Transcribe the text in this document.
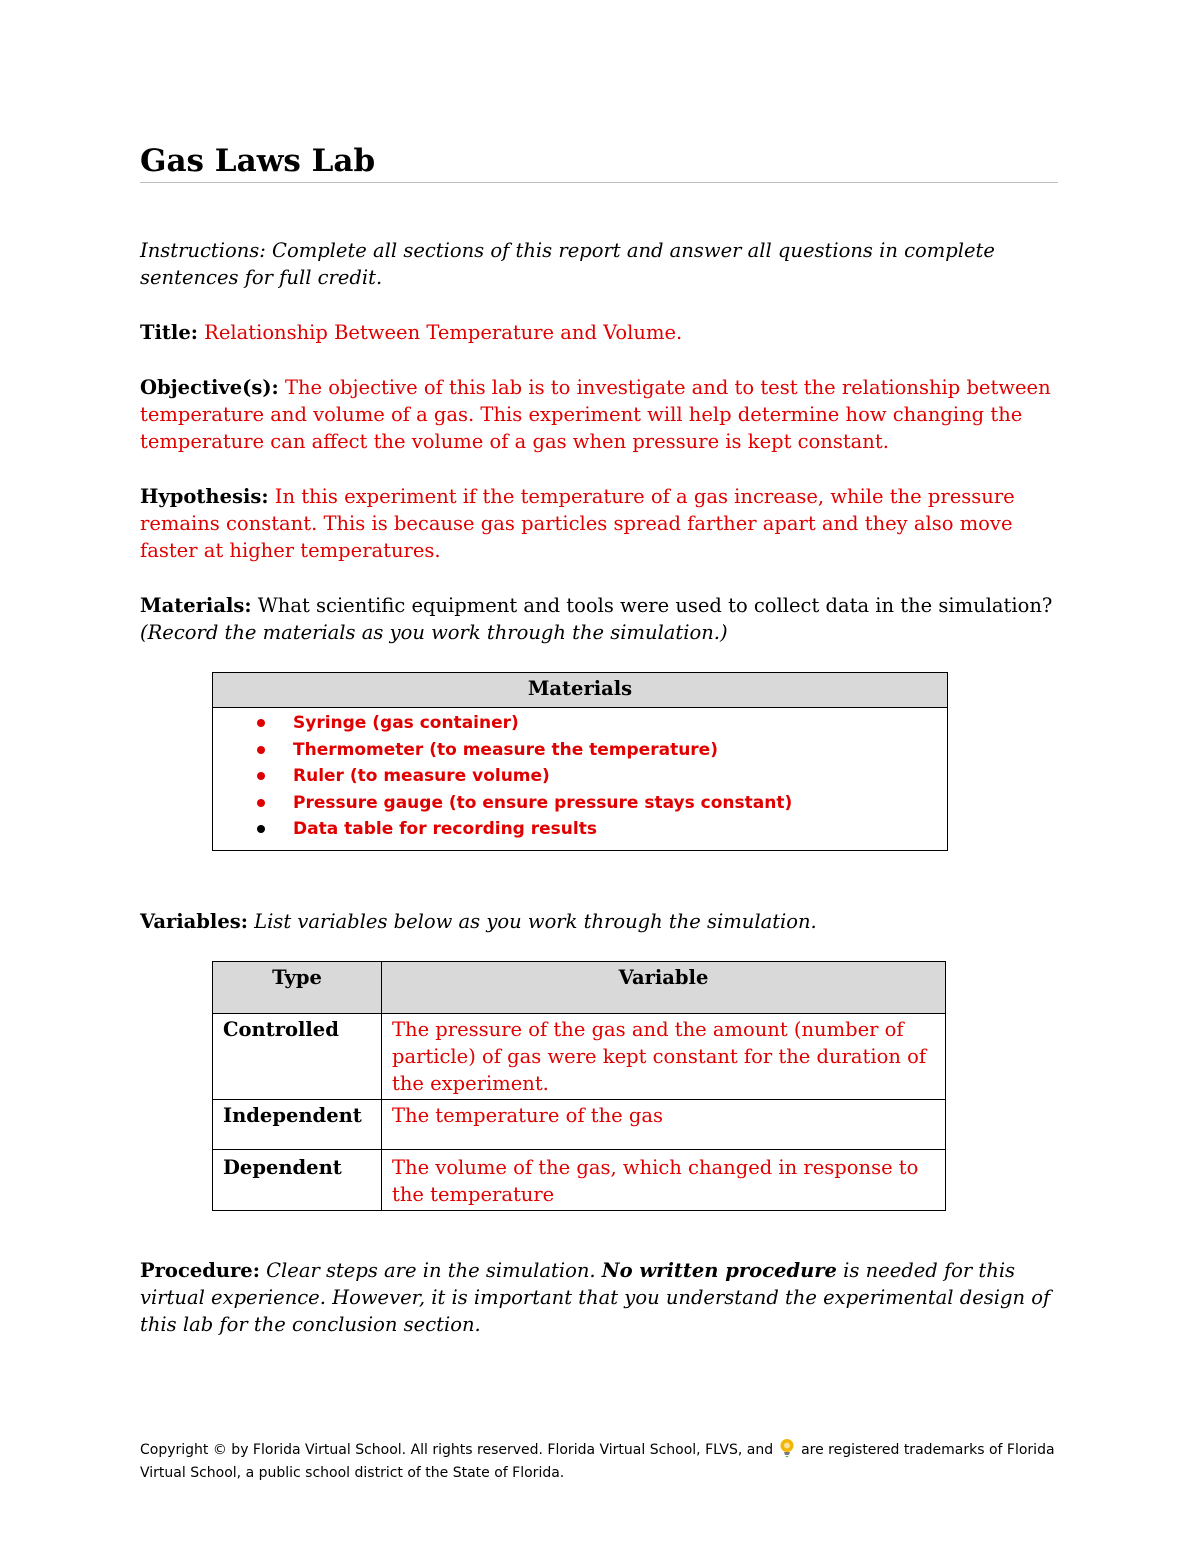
Gas Laws Lab
Instructions: Complete all sections of this report and answer all questions in complete sentences for full credit.
Title: Relationship Between Temperature and Volume.
Objective(s): The objective of this lab is to investigate and to test the relationship between temperature and volume of a gas. This experiment will help determine how changing the temperature can affect the volume of a gas when pressure is kept constant.
Hypothesis: In this experiment if the temperature of a gas increase, while the pressure remains constant. This is because gas particles spread farther apart and they also move faster at higher temperatures.
Materials: What scientific equipment and tools were used to collect data in the simulation?
(Record the materials as you work through the simulation.)
Materials
Syringe (gas container)
Thermometer (to measure the temperature)
Ruler (to measure volume)
Pressure gauge (to ensure pressure stays constant)
Data table for recording results
Variables: List variables below as you work through the simulation.
Type	Variable
Controlled	The pressure of the gas and the amount (number of particle) of gas were kept constant for the duration of the experiment.
Independent	The temperature of the gas
Dependent	The volume of the gas, which changed in response to the temperature
Procedure: Clear steps are in the simulation. No written procedure is needed for this virtual experience. However, it is important that you understand the experimental design of this lab for the conclusion section.
Copyright © by Florida Virtual School. All rights reserved. Florida Virtual School, FLVS, and are registered trademarks of Florida Virtual School, a public school district of the State of Florida.
